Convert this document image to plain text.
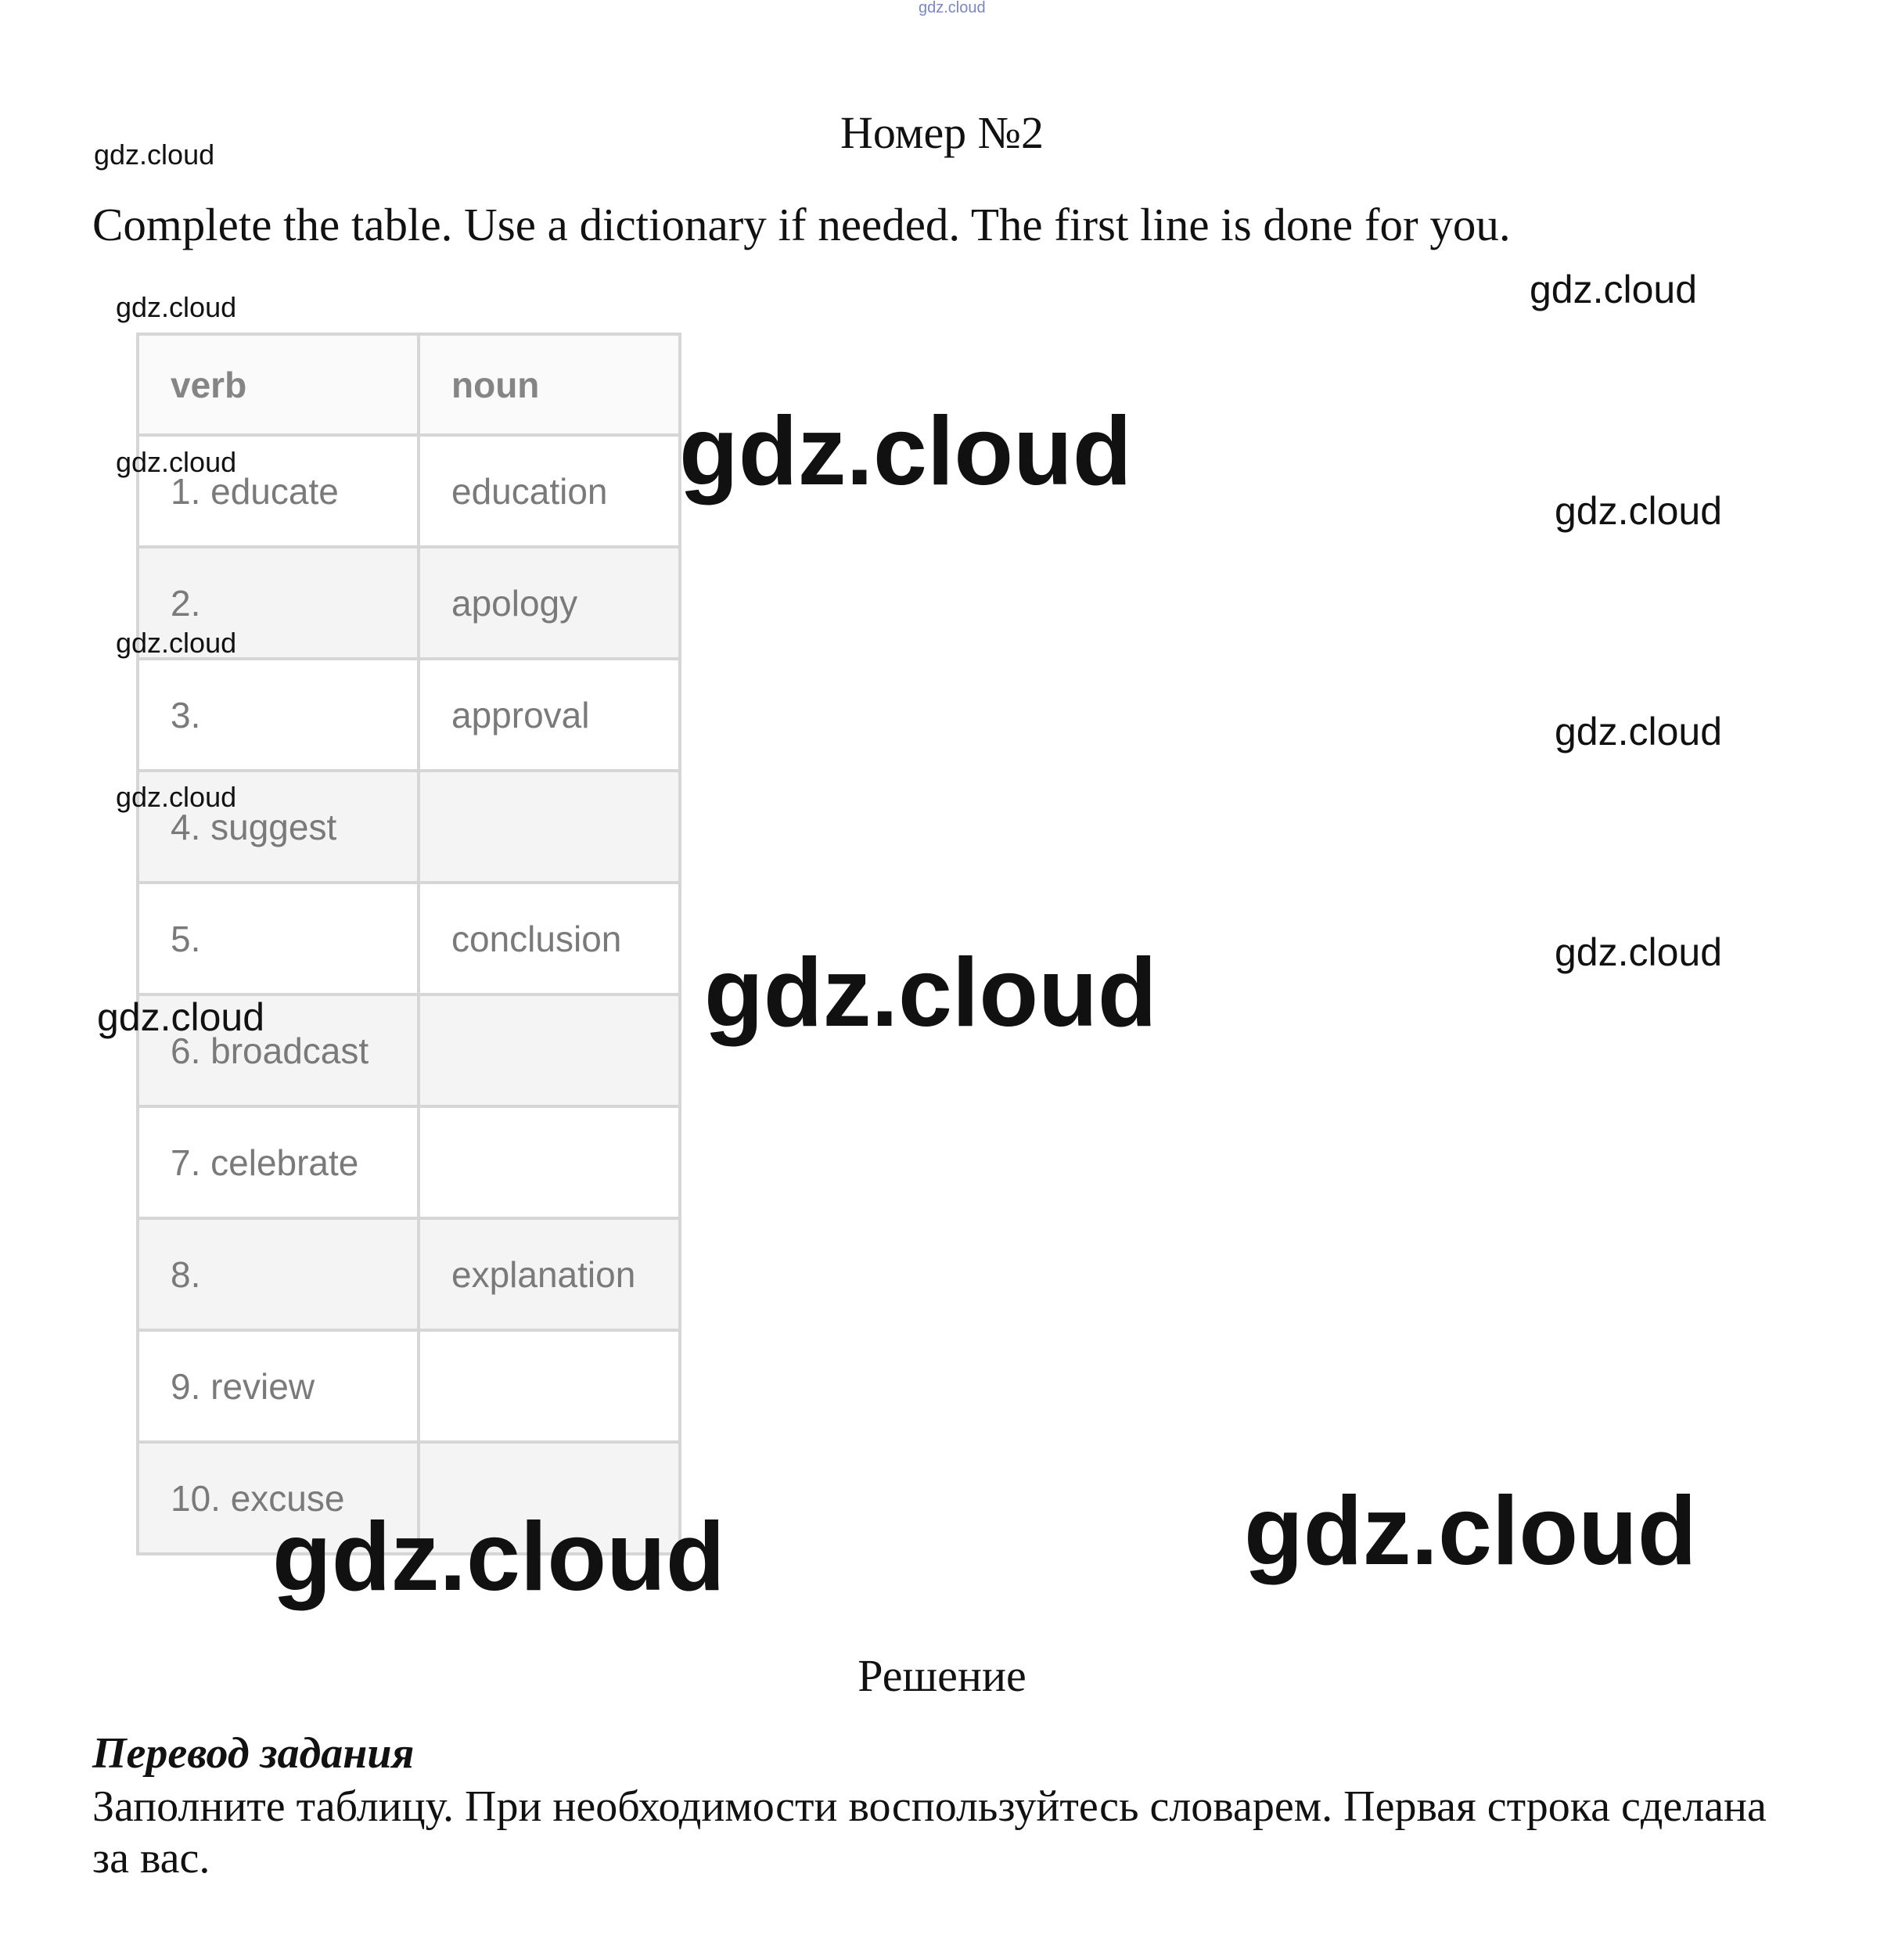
Номер №2
Complete the table. Use a dictionary if needed. The first line is done for you.
verb	noun
1. educate	education
2.	apology
3.	approval
4. suggest	
5.	conclusion
6. broadcast	
7. celebrate	
8.	explanation
9. review	
10. excuse	
Решение
Перевод задания
Заполните таблицу. При необходимости воспользуйтесь словарем. Первая строка сделана за вас.
gdz.cloud
gdz.cloud
gdz.cloud	gdz.cloud
gdz.cloud
gdz.cloud
gdz.cloud
gdz.cloud
gdz.cloud
gdz.cloud
gdz.cloud
gdz.cloud
gdz.cloud
gdz.cloud
gdz.cloud
